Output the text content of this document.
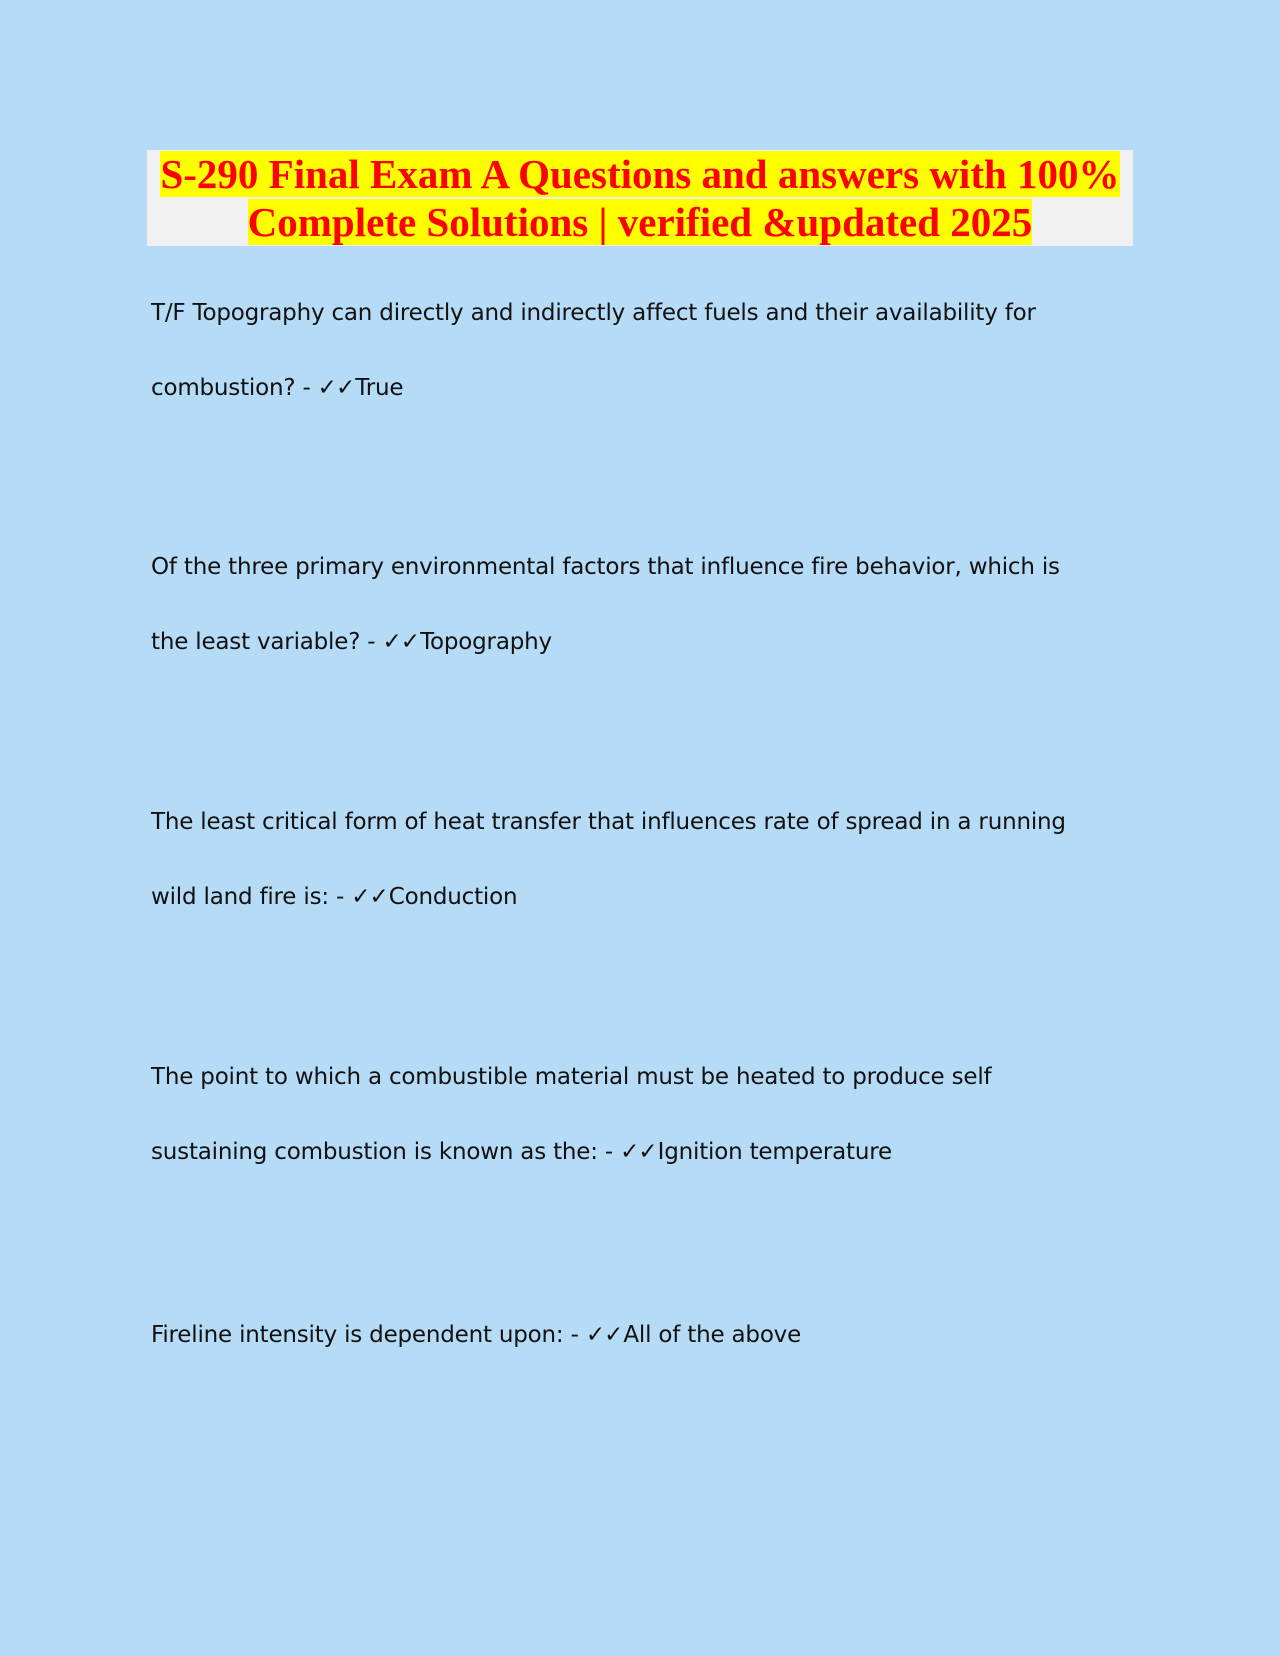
S-290 Final Exam A Questions and answers with 100%
Complete Solutions | verified &updated 2025
T/F Topography can directly and indirectly affect fuels and their availability for
combustion? - ✓✓True
Of the three primary environmental factors that influence fire behavior, which is
the least variable? - ✓✓Topography
The least critical form of heat transfer that influences rate of spread in a running
wild land fire is: - ✓✓Conduction
The point to which a combustible material must be heated to produce self
sustaining combustion is known as the: - ✓✓Ignition temperature
Fireline intensity is dependent upon: - ✓✓All of the above
